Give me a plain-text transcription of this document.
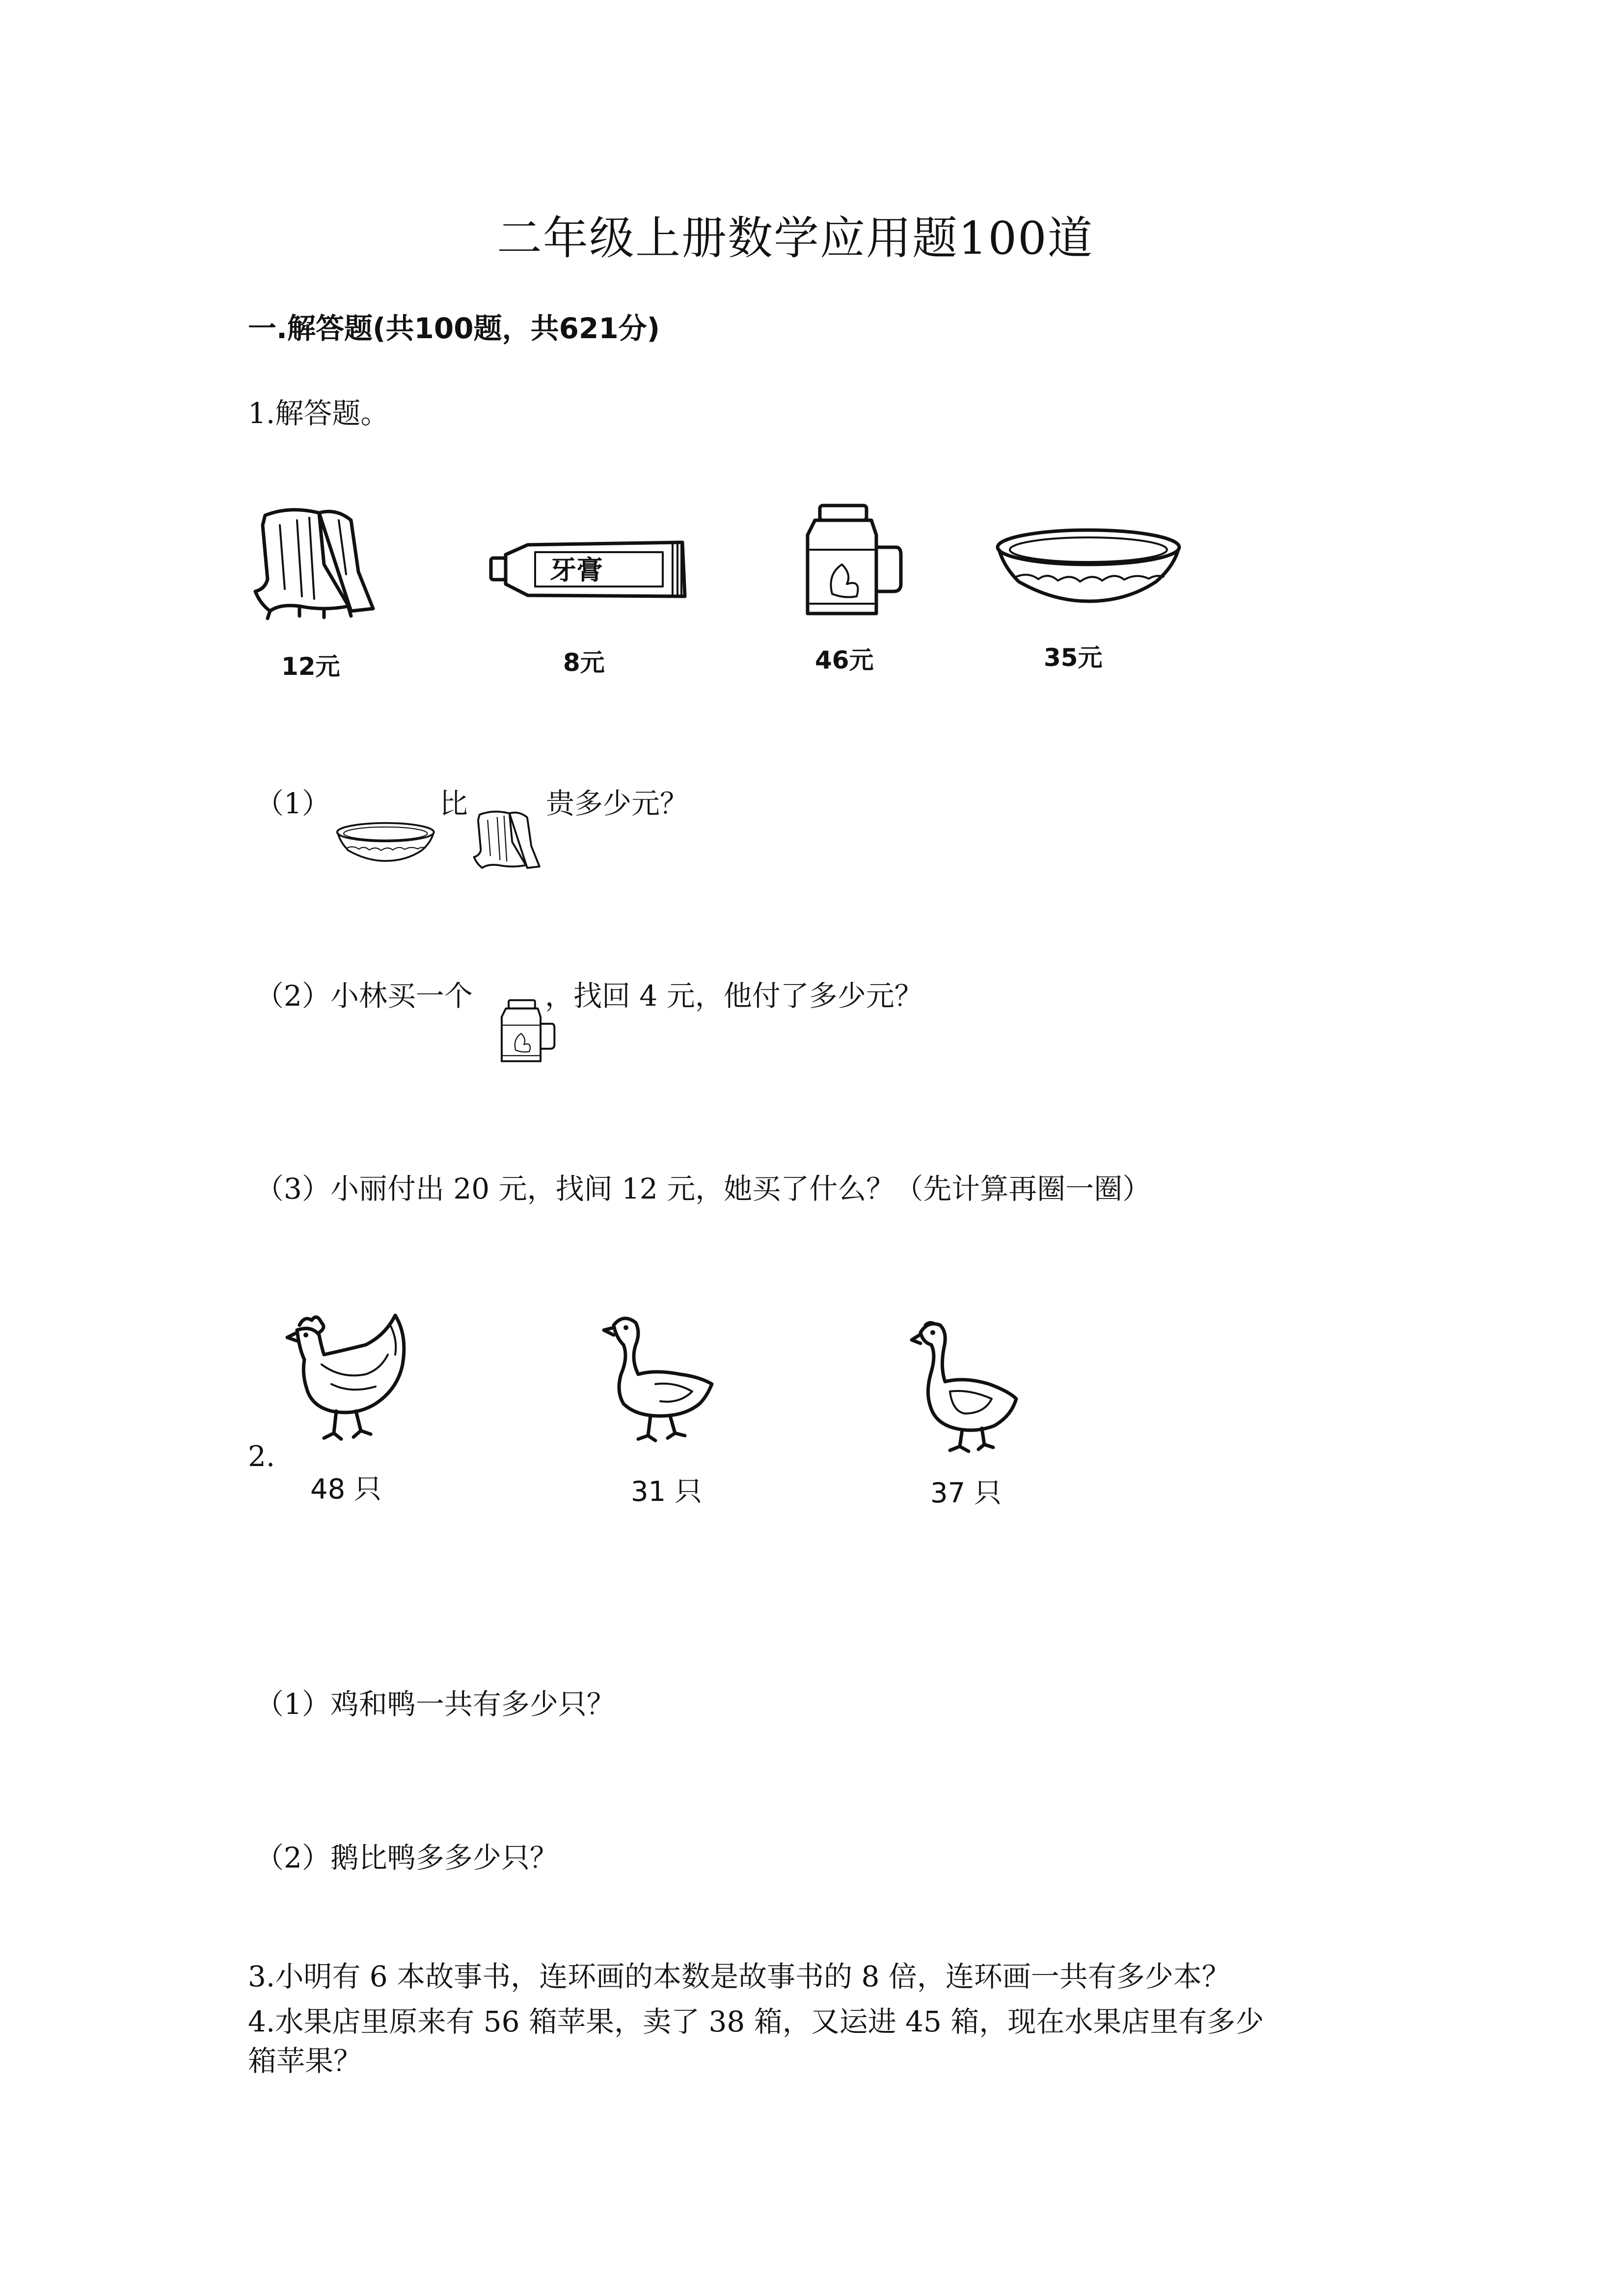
二年级上册数学应用题100道
一.解答题(共100题，共621分)
1.解答题。
12元
牙膏
8元	46元	35元
（1）	比	贵多少元？
（2）小林买一个	，找回 4 元，他付了多少元？
（3）小丽付出 20 元，找间 12 元，她买了什么？（先计算再圈一圈）
2.
48 只	31 只	37 只
（1）鸡和鸭一共有多少只？
（2）鹅比鸭多多少只？
3.小明有 6 本故事书，连环画的本数是故事书的 8 倍，连环画一共有多少本？
4.水果店里原来有 56 箱苹果，卖了 38 箱，又运进 45 箱，现在水果店里有多少
箱苹果？
